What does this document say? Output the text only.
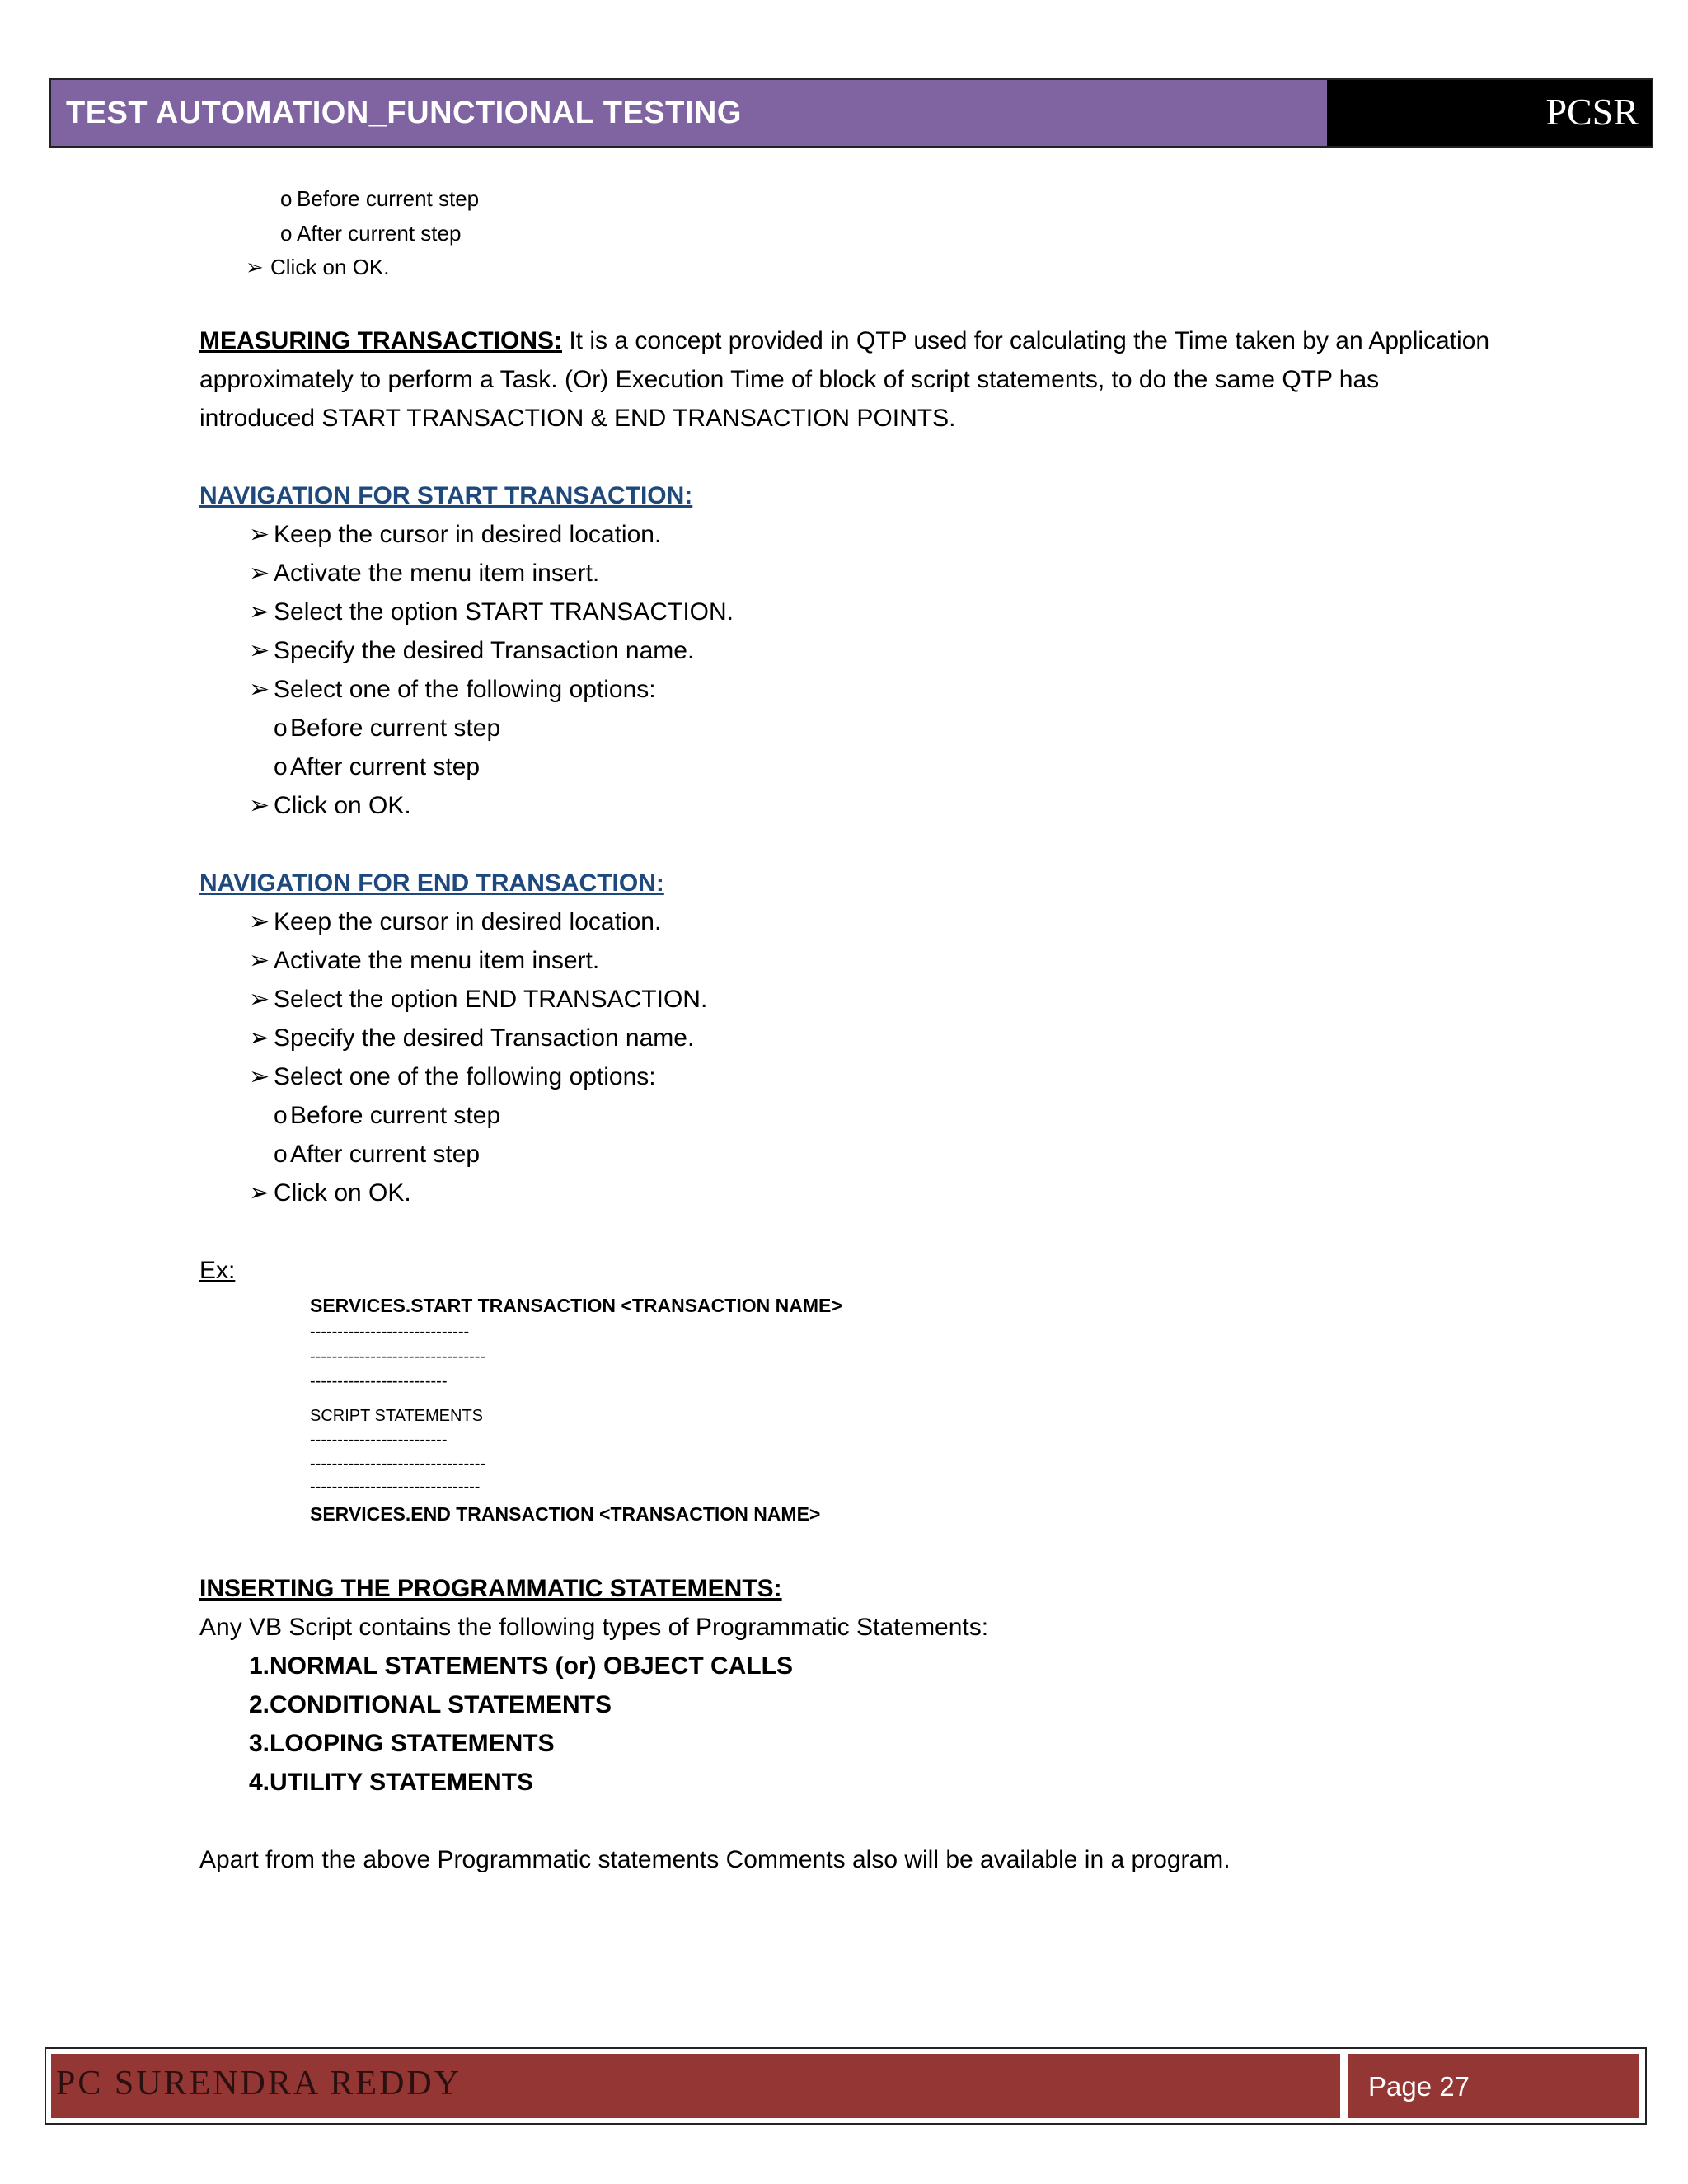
TEST AUTOMATION_FUNCTIONAL TESTING	PCSR
o Before current step
o After current step
➢ Click on OK.
MEASURING TRANSACTIONS: It is a concept provided in QTP used for calculating the Time taken by an Application
approximately to perform a Task. (Or) Execution Time of block of script statements, to do the same QTP has
introduced START TRANSACTION & END TRANSACTION POINTS.
NAVIGATION FOR START TRANSACTION:
➢ Keep the cursor in desired location.
➢ Activate the menu item insert.
➢ Select the option START TRANSACTION.
➢ Specify the desired Transaction name.
➢ Select one of the following options:
o Before current step
o After current step
➢ Click on OK.
NAVIGATION FOR END TRANSACTION:
➢ Keep the cursor in desired location.
➢ Activate the menu item insert.
➢ Select the option END TRANSACTION.
➢ Specify the desired Transaction name.
➢ Select one of the following options:
o Before current step
o After current step
➢ Click on OK.
Ex:
SERVICES.START TRANSACTION <TRANSACTION NAME>
-----------------------------
--------------------------------
-------------------------
SCRIPT STATEMENTS
-------------------------
--------------------------------
-------------------------------
SERVICES.END TRANSACTION <TRANSACTION NAME>
INSERTING THE PROGRAMMATIC STATEMENTS:
Any VB Script contains the following types of Programmatic Statements:
1.NORMAL STATEMENTS (or) OBJECT CALLS
2.CONDITIONAL STATEMENTS
3.LOOPING STATEMENTS
4.UTILITY STATEMENTS
Apart from the above Programmatic statements Comments also will be available in a program.
PC SURENDRA REDDY	Page 27
